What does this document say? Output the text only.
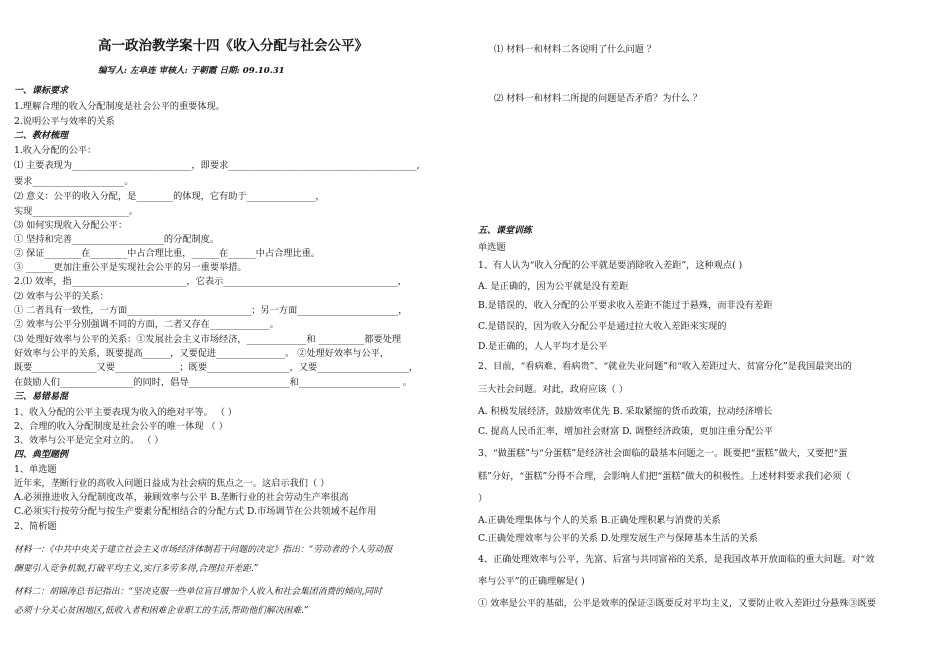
高一政治教学案十四《收入分配与社会公平》
编写人: 左阜连 审核人: 于朝霞 日期: 09.10.31
一、课标要求
1.理解合理的收入分配制度是社会公平的重要体现。
2.说明公平与效率的关系
二、教材梳理
1.收入分配的公平：
⑴ 主要表现为__________________________，即要求_________________________________________,
要求____________________。
⑵ 意义：公平的收入分配，是________的体现，它有助于_______________，
实现_____________________。
⑶ 如何实现收入分配公平：
① 坚持和完善____________________的分配制度。
② 保证________在________中占合理比重，______在______中占合理比重。
③ ______更加注重公平是实现社会公平的另一重要举措。
2.⑴ 效率，指_________________________，它表示______________________________________，
⑵ 效率与公平的关系：
① 二者具有一致性，一方面___________________________；另一方面______________________，
② 效率与公平分别强调不同的方面，二者又存在_____________。
⑶ 处理好效率与公平的关系：①发展社会主义市场经济，_____________和 __________都要处理
好效率与公平的关系，既要提高______，又要促进_______________。 ②处理好效率与公平，
既要______________又要______________；既要__________________，又要____________________，
在鼓励人们________________的同时，倡导______________________和______________________ 。
三、易错易混
1、收入分配的公平主要表现为收入的绝对平等。 （ ）
2、合理的收入分配制度是社会公平的唯一体现 （ ）
3、效率与公平是完全对立的。 （ ）
四、典型题例
1、单选题
近年来，垄断行业的高收入问题日益成为社会病的焦点之一。这启示我们（ ）
A.必须推进收入分配制度改革，兼顾效率与公平 B.垄断行业的社会劳动生产率很高
C.必须实行按劳分配与按生产要素分配相结合的分配方式 D.市场调节在公共领域不起作用
2、简析题
材料一：《中共中央关于建立社会主义市场经济体制若干问题的决定》指出：“劳动者的个人劳动报
酬要引入竞争机制,打破平均主义,实行多劳多得,合理拉开差距.”
材料二：胡锦涛总书记指出：“坚决克服一些单位盲目增加个人收入和社会集团消费的倾向,同时
必须十分关心贫困地区,低收入者和困难企业职工的生活,帮助他们解决困难.”
⑴ 材料一和材料二各说明了什么问题 ？
⑵ 材料一和材料二所提的问题是否矛盾？为什么 ？
五、课堂训练
单选题
1、有人认为“收入分配的公平就是要消除收入差距”，这种观点( )
A. 是正确的，因为公平就是没有差距
B.是错误的，收入分配的公平要求收入差距不能过于悬殊，而非没有差距
C.是错误的，因为收入分配公平是通过拉大收入差距来实现的
D.是正确的，人人平均才是公平
2、目前，“看病难、看病贵”、“就业失业问题”和“收入差距过大、贫富分化”是我国最突出的
三大社会问题。对此，政府应该（ ）
A. 积极发展经济，鼓励效率优先 B. 采取紧缩的货币政策，拉动经济增长
C. 提高人民币汇率，增加社会财富 D. 调整经济政策，更加注重分配公平
3、“做蛋糕”与“分蛋糕”是经济社会面临的最基本问题之一。既要把“蛋糕”做大，又要把“蛋
糕”分好，“蛋糕”分得不合理，会影响人们把“蛋糕”做大的积极性。上述材料要求我们必须（
）
A.正确处理集体与个人的关系 B.正确处理积累与消费的关系
C.正确处理效率与公平的关系 D.处理发展生产与保障基本生活的关系
4、正确处理效率与公平，先富、后富与共同富裕的关系，是我国改革开放面临的重大问题。对“效
率与公平”的正确理解是( )
① 效率是公平的基础，公平是效率的保证②既要反对平均主义，又要防止收入差距过分悬殊③既要
